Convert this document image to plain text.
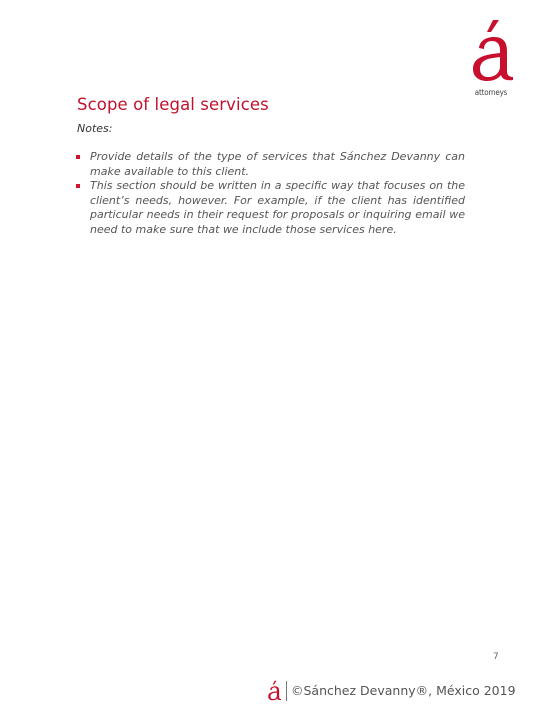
attorneys
Scope of legal services
Notes:
Provide details of the type of services that Sánchez Devanny can make available to this client.
This section should be written in a specific way that focuses on the client’s needs, however. For example, if the client has identified particular needs in their request for proposals or inquiring email we need to make sure that we include those services here.
7
©Sánchez Devanny®, México 2019
